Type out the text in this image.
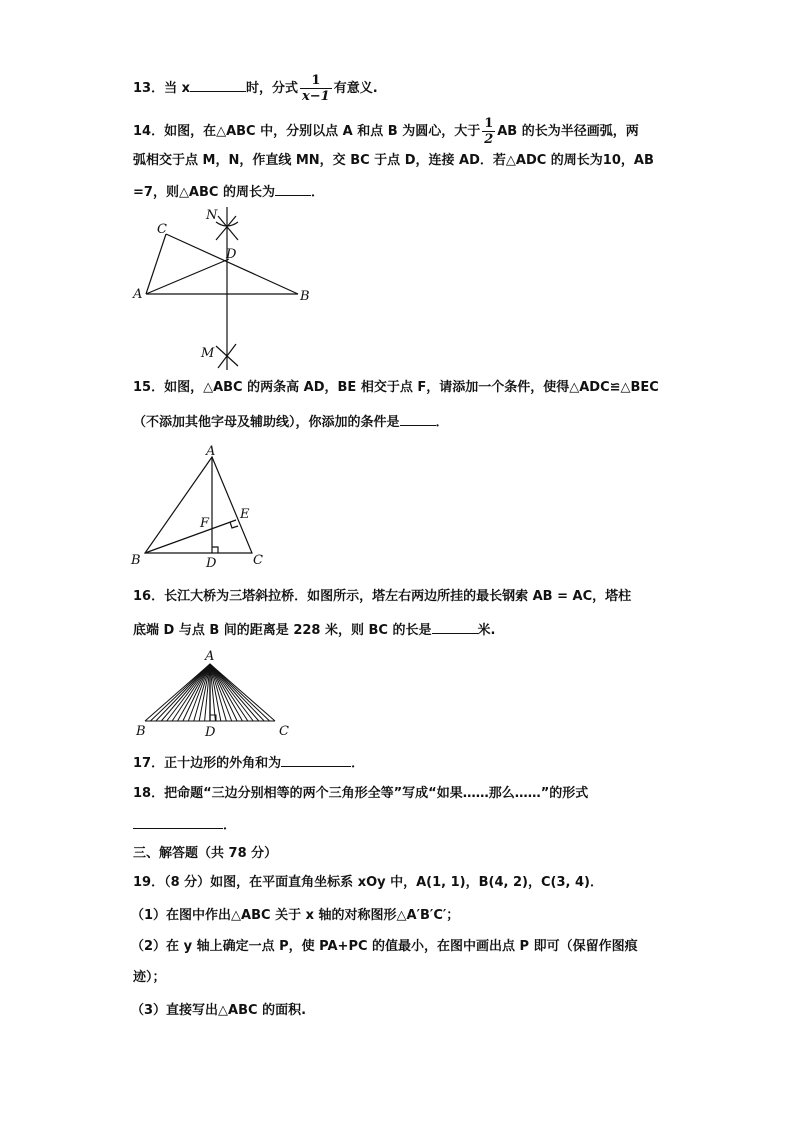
13．当 x	时，分式 $\frac{1}{x-1}$ 有意义.
14．如图，在△ABC 中，分别以点 A 和点 B 为圆心，大于 $\frac{1}{2}$ AB 的长为半径画弧，两
弧相交于点 M，N，作直线 MN，交 BC 于点 D，连接 AD．若△ADC 的周长为10，AB
=7，则△ABC 的周长为	．
15．如图，△ABC 的两条高 AD，BE 相交于点 F，请添加一个条件，使得△ADC≌△BEC
（不添加其他字母及辅助线），你添加的条件是	．
16．长江大桥为三塔斜拉桥．如图所示，塔左右两边所挂的最长钢索 AB = AC，塔柱
底端 D 与点 B 间的距离是 228 米，则 BC 的长是	米.
17．正十边形的外角和为	．
18．把命题“三边分别相等的两个三角形全等”写成“如果……那么……”的形式
．
三、解答题（共 78 分）
19．（8 分）如图，在平面直角坐标系 xOy 中，A(1, 1)，B(4, 2)，C(3, 4)．
（1）在图中作出△ABC 关于 x 轴的对称图形△A′B′C′；
（2）在 y 轴上确定一点 P，使 PA+PC 的值最小，在图中画出点 P 即可（保留作图痕
迹）；
（3）直接写出△ABC 的面积.
C
N
D
A	B
M
A
E
F
B	D	C
A
B	D	C
